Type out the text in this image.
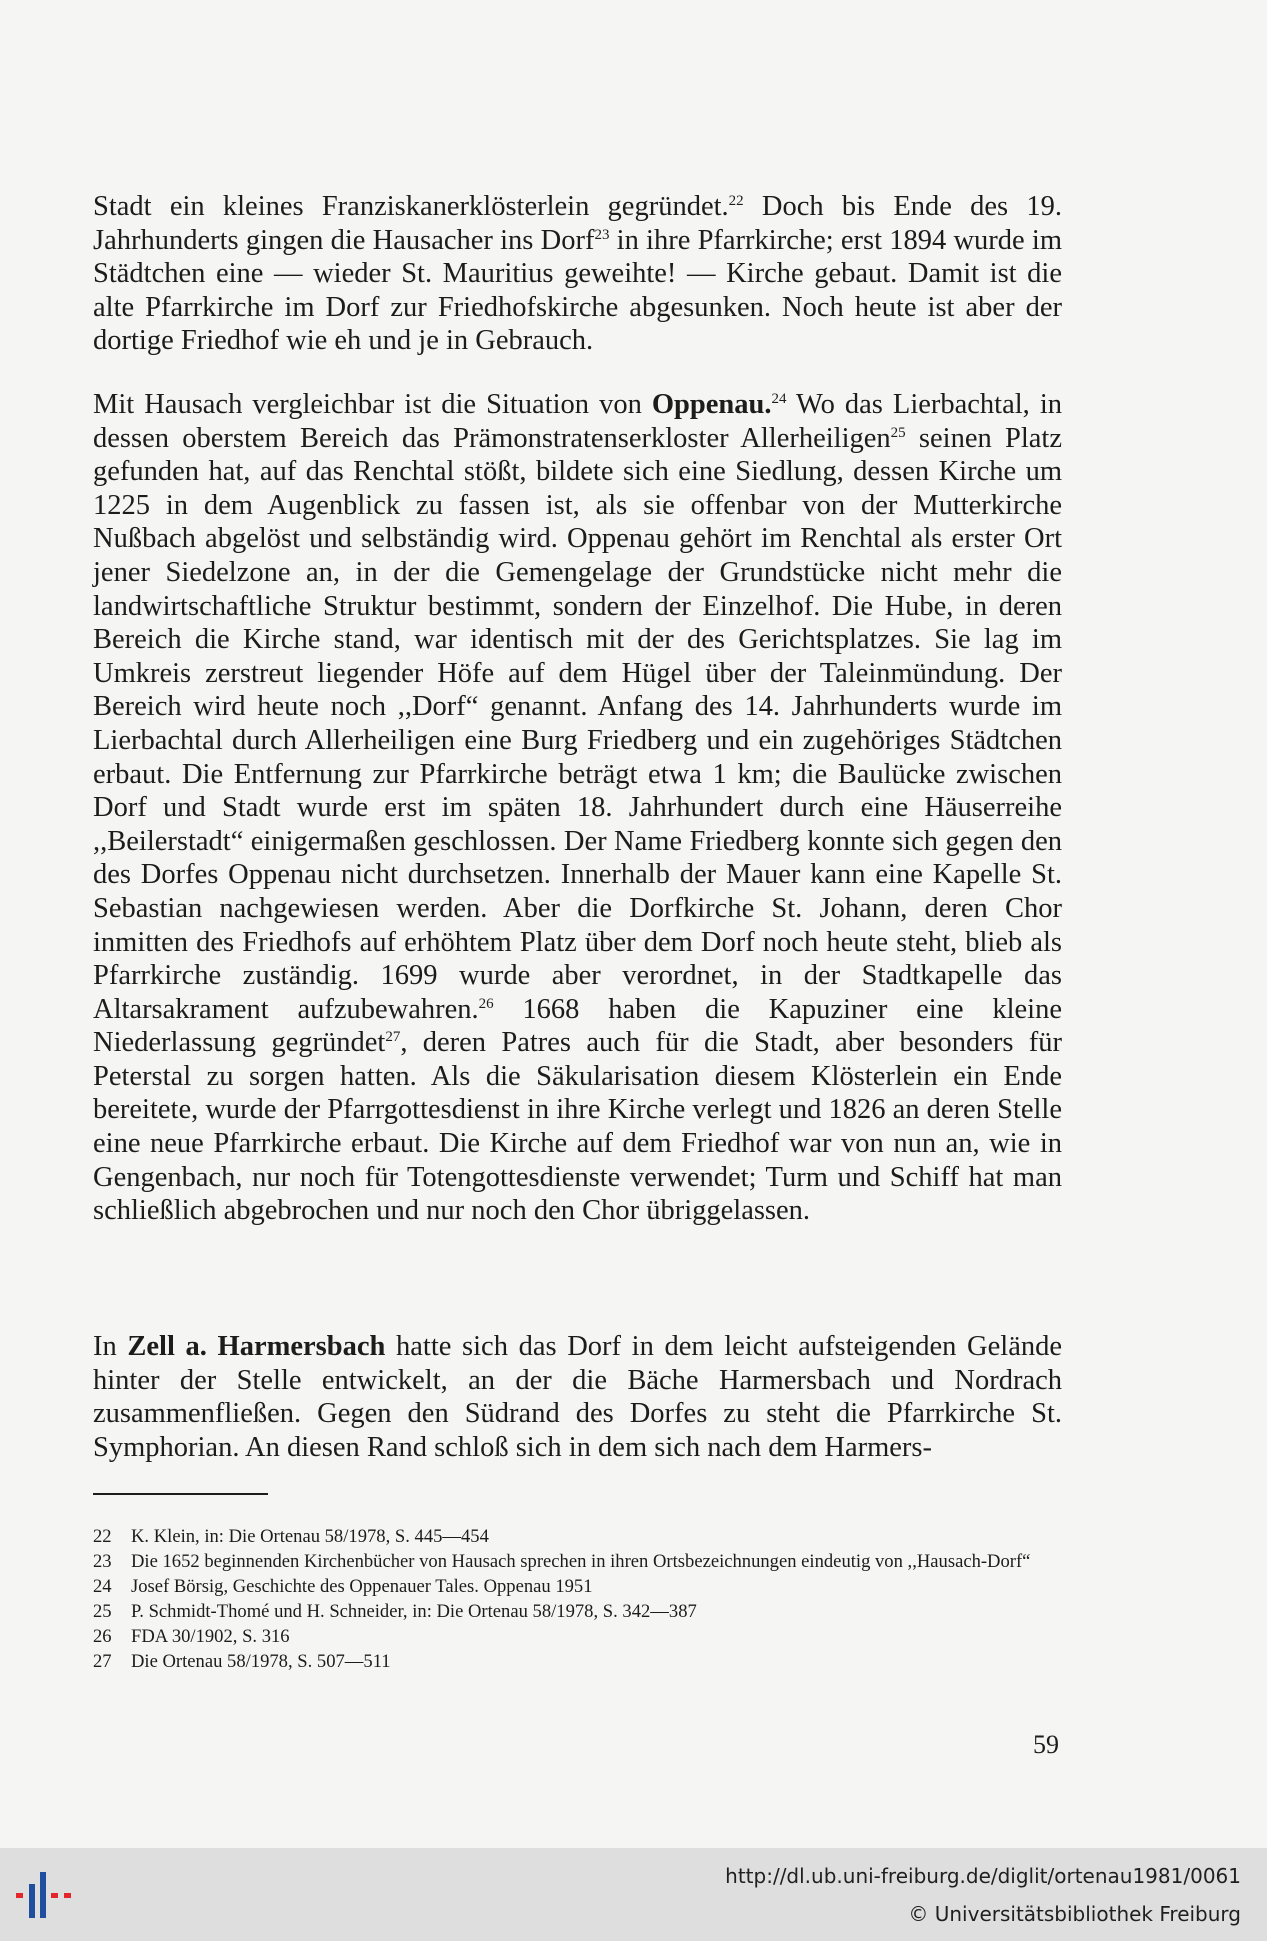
Stadt ein kleines Franziskanerklösterlein gegründet.$^{22}$ Doch bis Ende des 19. Jahrhunderts gingen die Hausacher ins Dorf$^{23}$ in ihre Pfarrkirche; erst 1894 wurde im Städtchen eine — wieder St. Mauritius geweihte! — Kirche gebaut. Damit ist die alte Pfarrkirche im Dorf zur Friedhofskirche abgesunken. Noch heute ist aber der dortige Friedhof wie eh und je in Gebrauch.

Mit Hausach vergleichbar ist die Situation von Oppenau.$^{24}$ Wo das Lierbachtal, in dessen oberstem Bereich das Prämonstratenserkloster Allerheiligen$^{25}$ seinen Platz gefunden hat, auf das Renchtal stößt, bildete sich eine Siedlung, dessen Kirche um 1225 in dem Augenblick zu fassen ist, als sie offenbar von der Mutterkirche Nußbach abgelöst und selbständig wird. Oppenau gehört im Renchtal als erster Ort jener Siedelzone an, in der die Gemengelage der Grundstücke nicht mehr die landwirtschaftliche Struktur bestimmt, sondern der Einzelhof. Die Hube, in deren Bereich die Kirche stand, war identisch mit der des Gerichtsplatzes. Sie lag im Umkreis zerstreut liegender Höfe auf dem Hügel über der Taleinmündung. Der Bereich wird heute noch ,,Dorf“ genannt. Anfang des 14. Jahrhunderts wurde im Lierbachtal durch Allerheiligen eine Burg Friedberg und ein zugehöriges Städtchen erbaut. Die Entfernung zur Pfarrkirche beträgt etwa 1 km; die Baulücke zwischen Dorf und Stadt wurde erst im späten 18. Jahrhundert durch eine Häuserreihe ,,Beilerstadt“ einigermaßen geschlossen. Der Name Friedberg konnte sich gegen den des Dorfes Oppenau nicht durchsetzen. Innerhalb der Mauer kann eine Kapelle St. Sebastian nachgewiesen werden. Aber die Dorfkirche St. Johann, deren Chor inmitten des Friedhofs auf erhöhtem Platz über dem Dorf noch heute steht, blieb als Pfarrkirche zuständig. 1699 wurde aber verordnet, in der Stadtkapelle das Altarsakrament aufzubewahren.$^{26}$ 1668 haben die Kapuziner eine kleine Niederlassung gegründet$^{27}$, deren Patres auch für die Stadt, aber besonders für Peterstal zu sorgen hatten. Als die Säkularisation diesem Klösterlein ein Ende bereitete, wurde der Pfarrgottesdienst in ihre Kirche verlegt und 1826 an deren Stelle eine neue Pfarrkirche erbaut. Die Kirche auf dem Friedhof war von nun an, wie in Gengenbach, nur noch für Totengottesdienste verwendet; Turm und Schiff hat man schließlich abgebrochen und nur noch den Chor übriggelassen.

In Zell a. Harmersbach hatte sich das Dorf in dem leicht aufsteigenden Gelände hinter der Stelle entwickelt, an der die Bäche Harmersbach und Nordrach zusammenfließen. Gegen den Südrand des Dorfes zu steht die Pfarrkirche St. Symphorian. An diesen Rand schloß sich in dem sich nach dem Harmers-

22	K. Klein, in: Die Ortenau 58/1978, S. 445—454
23	Die 1652 beginnenden Kirchenbücher von Hausach sprechen in ihren Ortsbezeichnungen eindeutig von ,,Hausach-Dorf“
24	Josef Börsig, Geschichte des Oppenauer Tales. Oppenau 1951
25	P. Schmidt-Thomé und H. Schneider, in: Die Ortenau 58/1978, S. 342—387
26	FDA 30/1902, S. 316
27	Die Ortenau 58/1978, S. 507—511
59
http://dl.ub.uni-freiburg.de/diglit/ortenau1981/0061
© Universitätsbibliothek Freiburg
